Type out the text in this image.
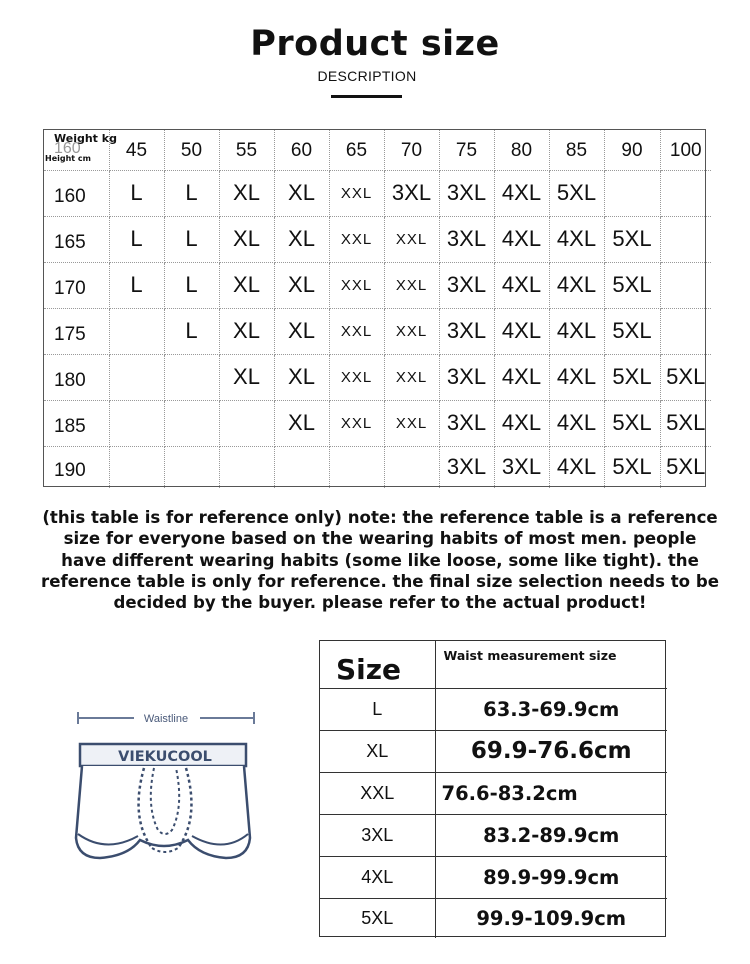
Product size
DESCRIPTION
160
Weight kg
Height cm	45	50	55	60	65	70	75	80	85	90	100
160	L	L	XL	XL	XXL	3XL	3XL	4XL	5XL		
165	L	L	XL	XL	XXL	XXL	3XL	4XL	4XL	5XL	
170	L	L	XL	XL	XXL	XXL	3XL	4XL	4XL	5XL	
175		L	XL	XL	XXL	XXL	3XL	4XL	4XL	5XL	
180			XL	XL	XXL	XXL	3XL	4XL	4XL	5XL	5XL
185				XL	XXL	XXL	3XL	4XL	4XL	5XL	5XL
190							3XL	3XL	4XL	5XL	5XL
(this table is for reference only) note: the reference table is a reference
size for everyone based on the wearing habits of most men. people
have different wearing habits (some like loose, some like tight). the
reference table is only for reference. the final size selection needs to be
decided by the buyer. please refer to the actual product!
Waistline
VIEKUCOOL
Size	Waist measurement size
L	63.3-69.9cm
XL	69.9-76.6cm
XXL	76.6-83.2cm
3XL	83.2-89.9cm
4XL	89.9-99.9cm
5XL	99.9-109.9cm
